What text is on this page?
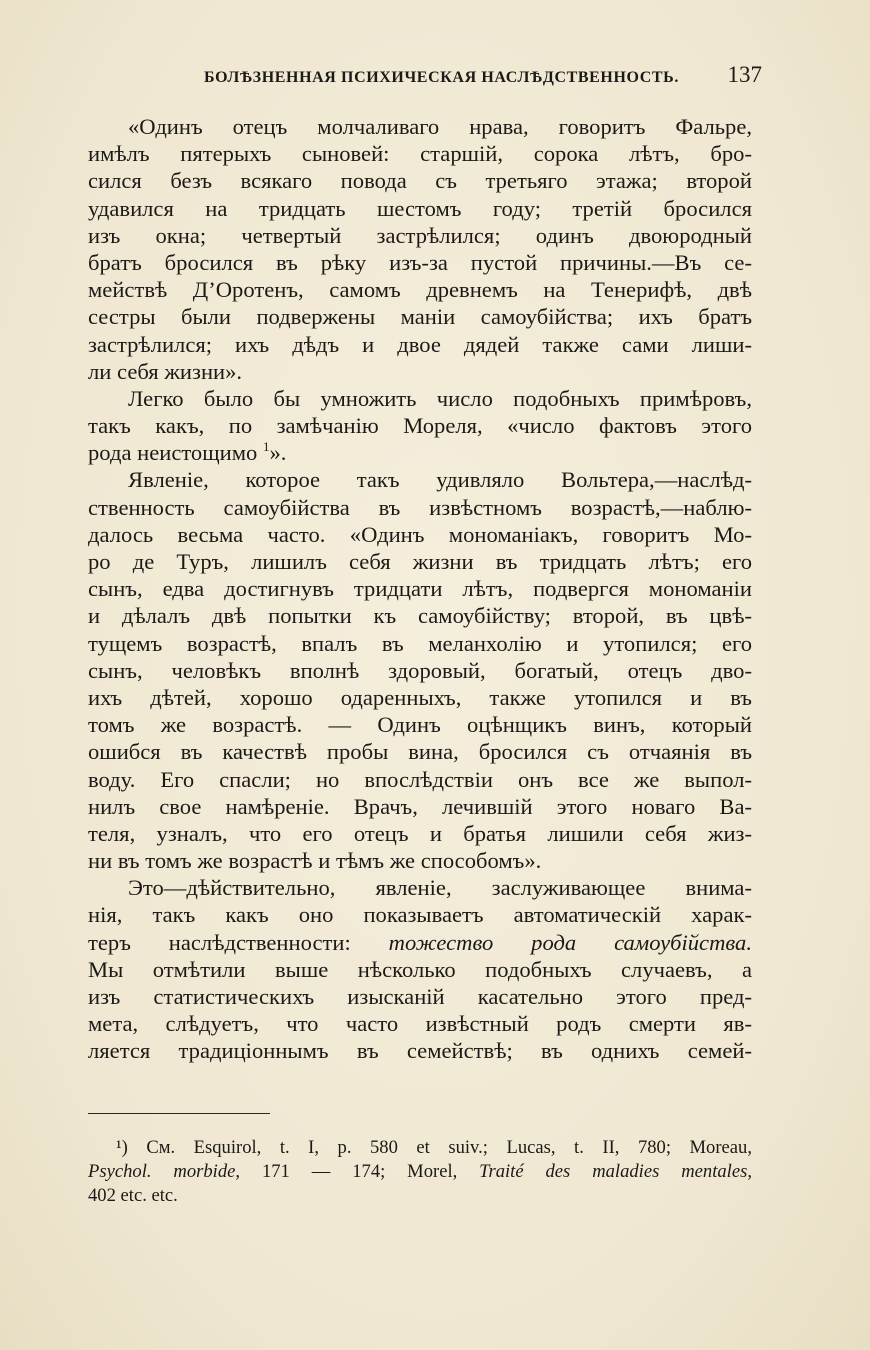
БОЛѢЗНЕННАЯ ПСИХИЧЕСКАЯ НАСЛѢДСТВЕННОСТЬ. 137
«Одинъ отецъ молчаливаго нрава, говоритъ Фальре,
имѣлъ пятерыхъ сыновей: старшій, сорока лѣтъ, бро-
сился безъ всякаго повода съ третьяго этажа; второй
удавился на тридцать шестомъ году; третій бросился
изъ окна; четвертый застрѣлился; одинъ двоюродный
братъ бросился въ рѣку изъ-за пустой причины.—Въ се-
мействѣ Д’Оротенъ, самомъ древнемъ на Тенерифѣ, двѣ
сестры были подвержены маніи самоубійства; ихъ братъ
застрѣлился; ихъ дѣдъ и двое дядей также сами лиши-
ли себя жизни».
Легко было бы умножить число подобныхъ примѣровъ,
такъ какъ, по замѣчанію Мореля, «число фактовъ этого
рода неистощимо $^1$».
Явленіе, которое такъ удивляло Вольтера,—наслѣд-
ственность самоубійства въ извѣстномъ возрастѣ,—наблю-
далось весьма часто. «Одинъ мономаніакъ, говоритъ Мо-
ро де Туръ, лишилъ себя жизни въ тридцать лѣтъ; его
сынъ, едва достигнувъ тридцати лѣтъ, подвергся мономаніи
и дѣлалъ двѣ попытки къ самоубійству; второй, въ цвѣ-
тущемъ возрастѣ, впалъ въ меланхолію и утопился; его
сынъ, человѣкъ вполнѣ здоровый, богатый, отецъ дво-
ихъ дѣтей, хорошо одаренныхъ, также утопился и въ
томъ же возрастѣ. — Одинъ оцѣнщикъ винъ, который
ошибся въ качествѣ пробы вина, бросился съ отчаянія въ
воду. Его спасли; но впослѣдствіи онъ все же выпол-
нилъ свое намѣреніе. Врачъ, лечившій этого новаго Ва-
теля, узналъ, что его отецъ и братья лишили себя жиз-
ни въ томъ же возрастѣ и тѣмъ же способомъ».
Это—дѣйствительно, явленіе, заслуживающее внима-
нія, такъ какъ оно показываетъ автоматическій харак-
теръ наслѣдственности: тожество рода самоубійства.
Мы отмѣтили выше нѣсколько подобныхъ случаевъ, а
изъ статистическихъ изысканій касательно этого пред-
мета, слѣдуетъ, что часто извѣстный родъ смерти яв-
ляется традиціоннымъ въ семействѣ; въ однихъ семей-
¹) См. Esquirol, t. I, p. 580 et suiv.; Lucas, t. II, 780; Moreau,
Psychol. morbide, 171 — 174; Morel, Traité des maladies mentales,
402 etc. etc.
